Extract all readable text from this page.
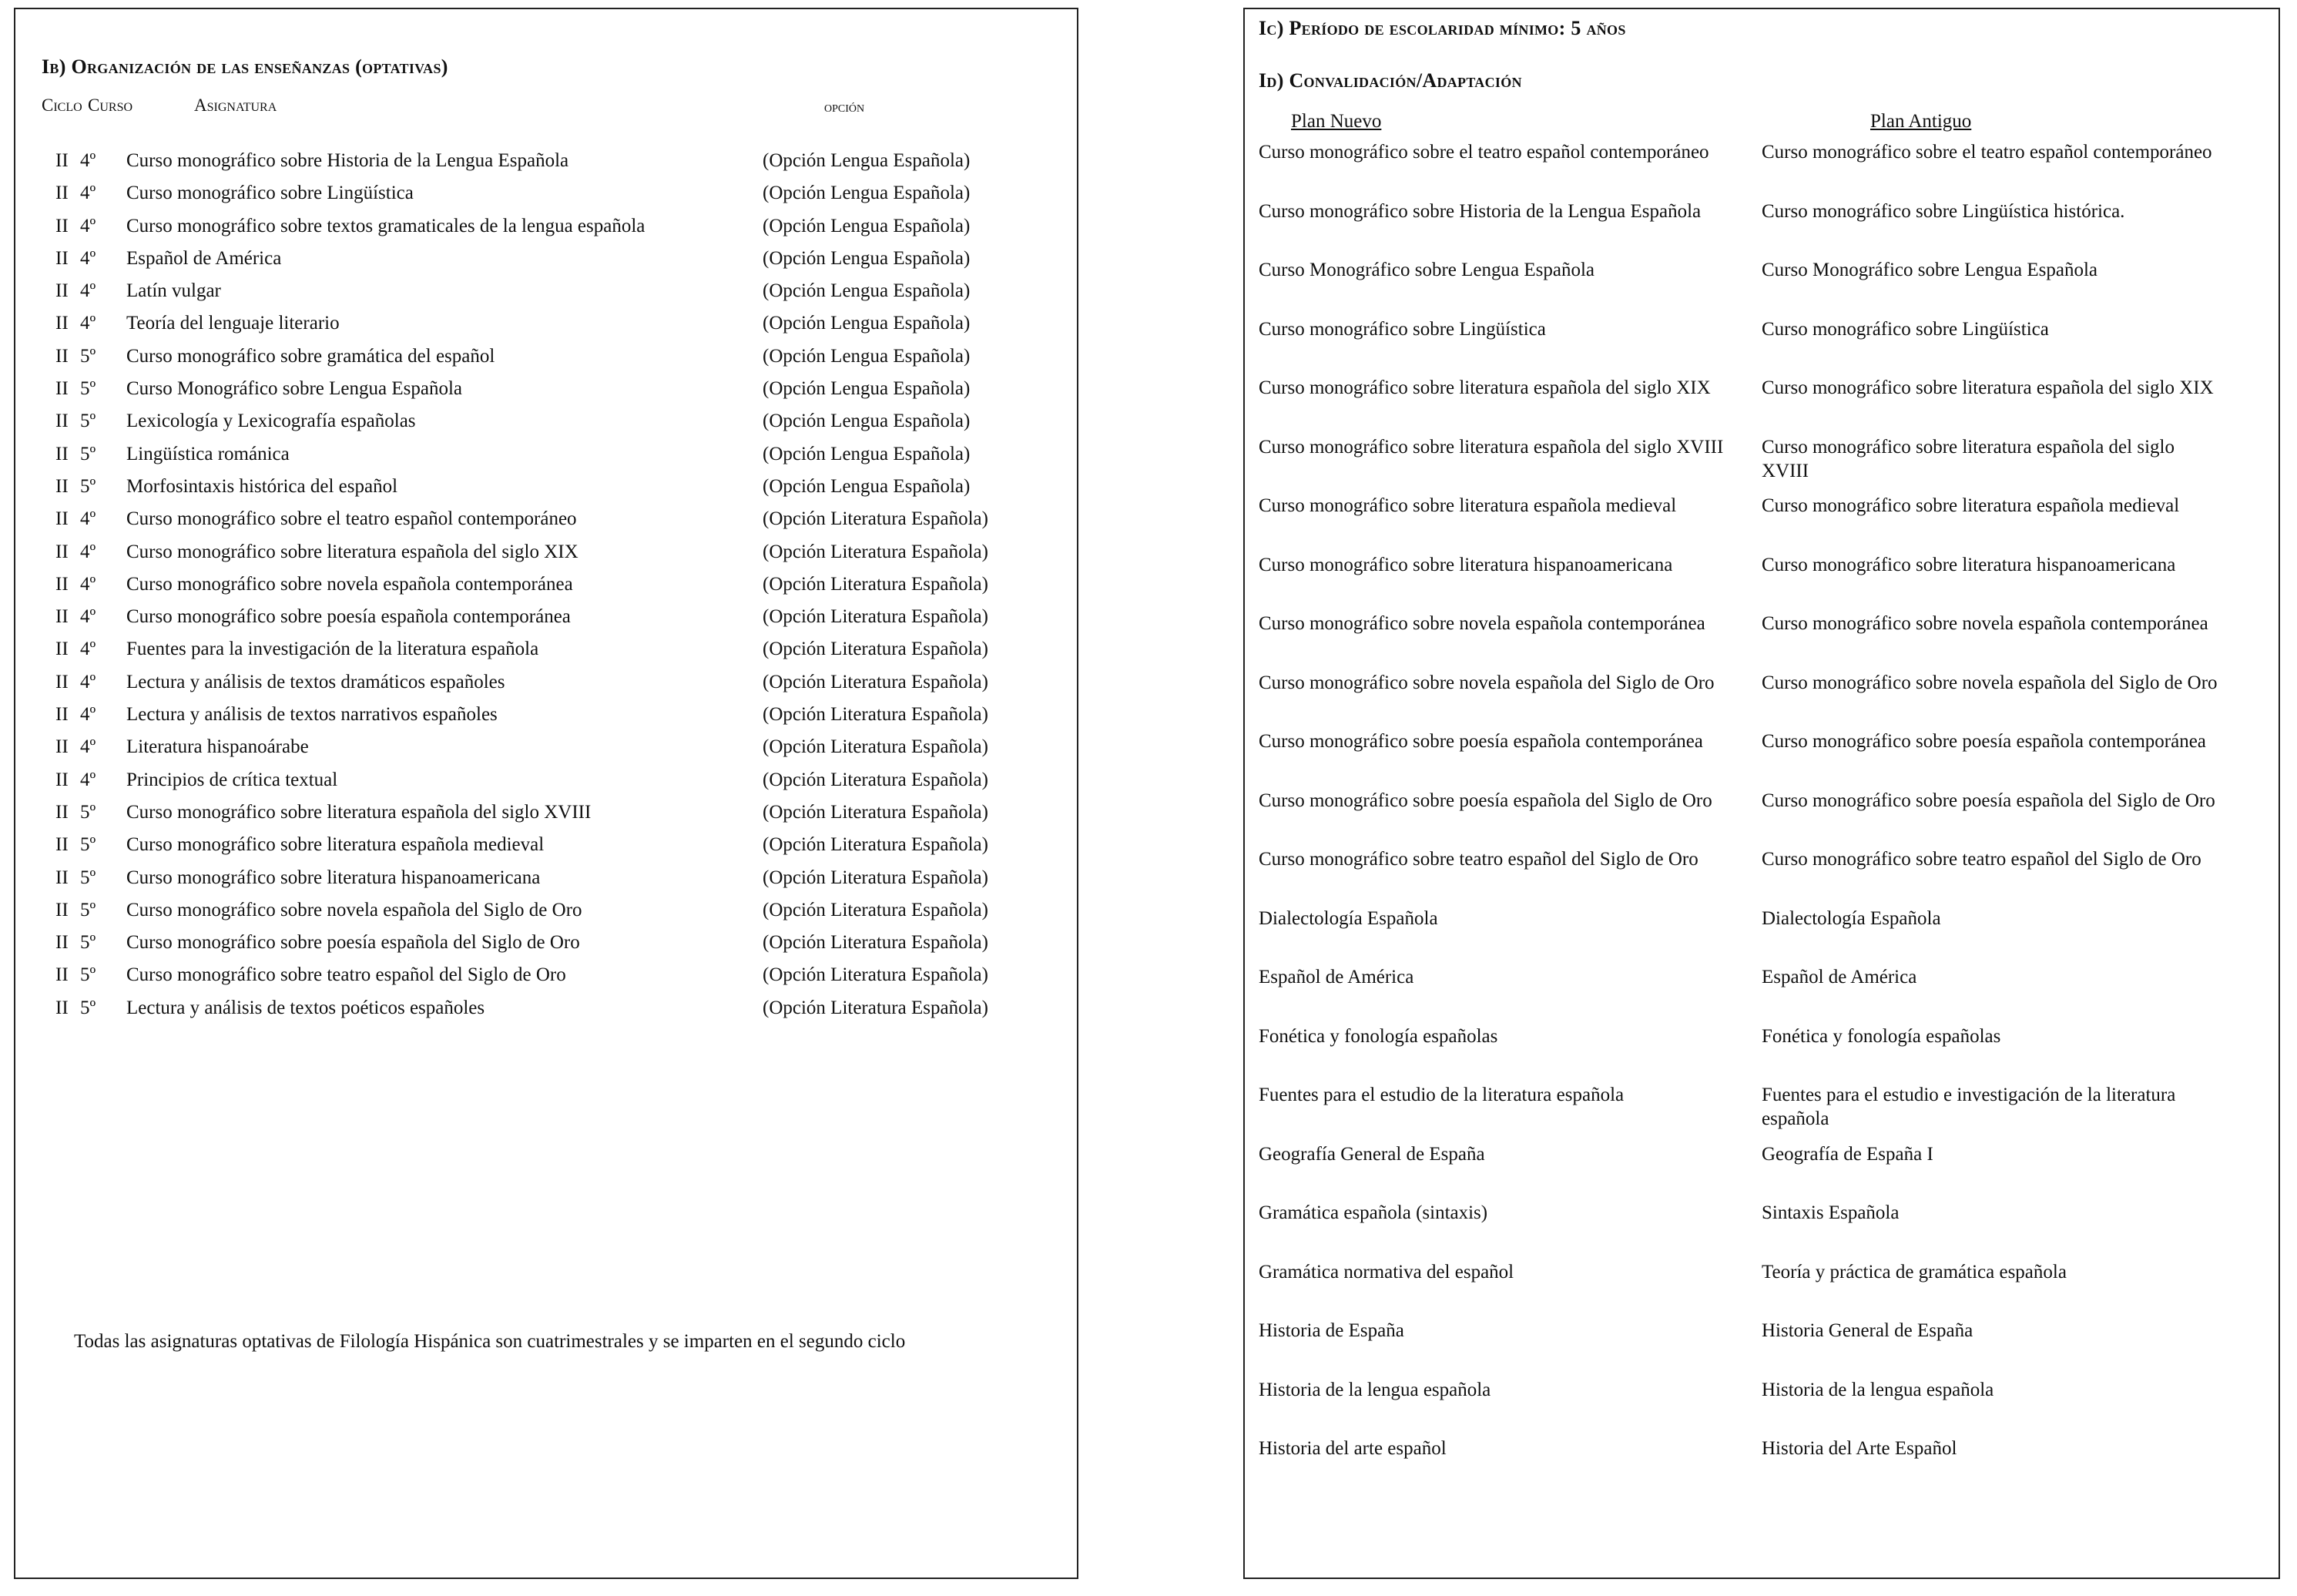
Ib) Organización de las enseñanzas (optativas)
Ciclo Curso	Asignatura	opción
II 4º	Curso monográfico sobre Historia de la Lengua Española	(Opción Lengua Española)
II 4º	Curso monográfico sobre Lingüística	(Opción Lengua Española)
II 4º	Curso monográfico sobre textos gramaticales de la lengua española	(Opción Lengua Española)
II 4º	Español de América	(Opción Lengua Española)
II 4º	Latín vulgar	(Opción Lengua Española)
II 4º	Teoría del lenguaje literario	(Opción Lengua Española)
II 5º	Curso monográfico sobre gramática del español	(Opción Lengua Española)
II 5º	Curso Monográfico sobre Lengua Española	(Opción Lengua Española)
II 5º	Lexicología y Lexicografía españolas	(Opción Lengua Española)
II 5º	Lingüística románica	(Opción Lengua Española)
II 5º	Morfosintaxis histórica del español	(Opción Lengua Española)
II 4º	Curso monográfico sobre el teatro español contemporáneo	(Opción Literatura Española)
II 4º	Curso monográfico sobre literatura española del siglo XIX	(Opción Literatura Española)
II 4º	Curso monográfico sobre novela española contemporánea	(Opción Literatura Española)
II 4º	Curso monográfico sobre poesía española contemporánea	(Opción Literatura Española)
II 4º	Fuentes para la investigación de la literatura española	(Opción Literatura Española)
II 4º	Lectura y análisis de textos dramáticos españoles	(Opción Literatura Española)
II 4º	Lectura y análisis de textos narrativos españoles	(Opción Literatura Española)
II 4º	Literatura hispanoárabe	(Opción Literatura Española)
II 4º	Principios de crítica textual	(Opción Literatura Española)
II 5º	Curso monográfico sobre literatura española del siglo XVIII	(Opción Literatura Española)
II 5º	Curso monográfico sobre literatura española medieval	(Opción Literatura Española)
II 5º	Curso monográfico sobre literatura hispanoamericana	(Opción Literatura Española)
II 5º	Curso monográfico sobre novela española del Siglo de Oro	(Opción Literatura Española)
II 5º	Curso monográfico sobre poesía española del Siglo de Oro	(Opción Literatura Española)
II 5º	Curso monográfico sobre teatro español del Siglo de Oro	(Opción Literatura Española)
II 5º	Lectura y análisis de textos poéticos españoles	(Opción Literatura Española)
Todas las asignaturas optativas de Filología Hispánica son cuatrimestrales y se imparten en el segundo ciclo
Ic) Período de escolaridad mínimo: 5 años
Id) Convalidación/Adaptación
Plan Nuevo	Plan Antiguo
Curso monográfico sobre el teatro español contemporáneo	Curso monográfico sobre el teatro español contemporáneo
Curso monográfico sobre Historia de la Lengua Española	Curso monográfico sobre Lingüística histórica.
Curso Monográfico sobre Lengua Española	Curso Monográfico sobre Lengua Española
Curso monográfico sobre Lingüística	Curso monográfico sobre Lingüística
Curso monográfico sobre literatura española del siglo XIX	Curso monográfico sobre literatura española del siglo XIX
Curso monográfico sobre literatura española del siglo XVIII	Curso monográfico sobre literatura española del siglo XVIII
Curso monográfico sobre literatura española medieval	Curso monográfico sobre literatura española medieval
Curso monográfico sobre literatura hispanoamericana	Curso monográfico sobre literatura hispanoamericana
Curso monográfico sobre novela española contemporánea	Curso monográfico sobre novela española contemporánea
Curso monográfico sobre novela española del Siglo de Oro	Curso monográfico sobre novela española del Siglo de Oro
Curso monográfico sobre poesía española contemporánea	Curso monográfico sobre poesía española contemporánea
Curso monográfico sobre poesía española del Siglo de Oro	Curso monográfico sobre poesía española del Siglo de Oro
Curso monográfico sobre teatro español del Siglo de Oro	Curso monográfico sobre teatro español del Siglo de Oro
Dialectología Española	Dialectología Española
Español de América	Español de América
Fonética y fonología españolas	Fonética y fonología españolas
Fuentes para el estudio de la literatura española	Fuentes para el estudio e investigación de la literatura española
Geografía General de España	Geografía de España I
Gramática española (sintaxis)	Sintaxis Española
Gramática normativa del español	Teoría y práctica de gramática española
Historia de España	Historia General de España
Historia de la lengua española	Historia de la lengua española
Historia del arte español	Historia del Arte Español
